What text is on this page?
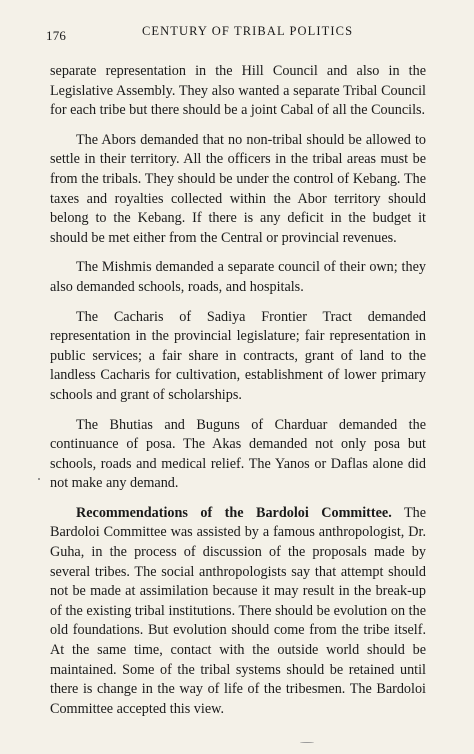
176	CENTURY OF TRIBAL POLITICS

separate representation in the Hill Council and also in the Legislative Assembly. They also wanted a separate Tribal Council for each tribe but there should be a joint Cabal of all the Councils.

The Abors demanded that no non-tribal should be allowed to settle in their territory. All the officers in the tribal areas must be from the tribals. They should be under the control of Kebang. The taxes and royalties collected within the Abor territory should belong to the Kebang. If there is any deficit in the budget it should be met either from the Central or provincial revenues.

The Mishmis demanded a separate council of their own; they also demanded schools, roads, and hospitals.

The Cacharis of Sadiya Frontier Tract demanded representation in the provincial legislature; fair representation in public services; a fair share in contracts, grant of land to the landless Cacharis for cultivation, establishment of lower primary schools and grant of scholarships.

The Bhutias and Buguns of Charduar demanded the continuance of posa. The Akas demanded not only posa but schools, roads and medical relief. The Yanos or Daflas alone did not make any demand.

Recommendations of the Bardoloi Committee. The Bardoloi Committee was assisted by a famous anthropologist, Dr. Guha, in the process of discussion of the proposals made by several tribes. The social anthropologists say that attempt should not be made at assimilation because it may result in the break-up of the existing tribal institutions. There should be evolution on the old foundations. But evolution should come from the tribe itself. At the same time, contact with the outside world should be maintained. Some of the tribal systems should be retained until there is change in the way of life of the tribesmen. The Bardoloi Committee accepted this view.
